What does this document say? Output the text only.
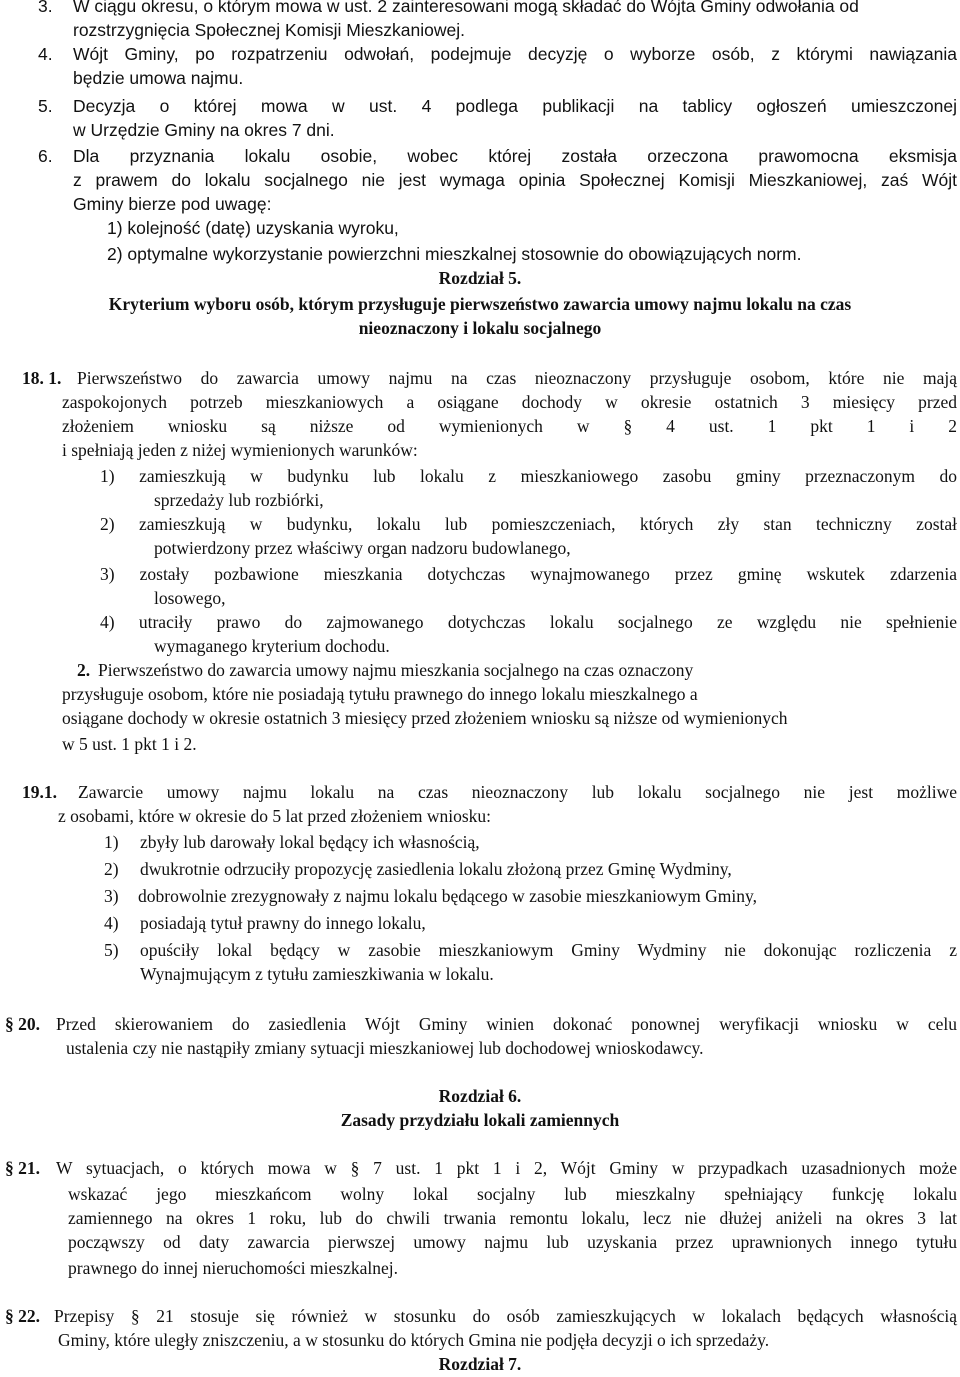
3. W ciągu okresu, o którym mowa w ust. 2 zainteresowani mogą składać do Wójta Gminy odwołania od
rozstrzygnięcia Społecznej Komisji Mieszkaniowej.
4. Wójt Gminy, po rozpatrzeniu odwołań, podejmuje decyzję o wyborze osób, z którymi nawiązania
będzie umowa najmu.
5. Decyzja o której mowa w ust. 4 podlega publikacji na tablicy ogłoszeń umieszczonej
w Urzędzie Gminy na okres 7 dni.
6. Dla przyznania lokalu osobie, wobec której została orzeczona prawomocna eksmisja
z prawem do lokalu socjalnego nie jest wymaga opinia Społecznej Komisji Mieszkaniowej, zaś Wójt
Gminy bierze pod uwagę:
1) kolejność (datę) uzyskania wyroku,
2) optymalne wykorzystanie powierzchni mieszkalnej stosownie do obowiązujących norm.
Rozdział 5.
Kryterium wyboru osób, którym przysługuje pierwszeństwo zawarcia umowy najmu lokalu na czas
nieoznaczony i lokalu socjalnego
18. 1. Pierwszeństwo do zawarcia umowy najmu na czas nieoznaczony przysługuje osobom, które nie mają
zaspokojonych potrzeb mieszkaniowych a osiągane dochody w okresie ostatnich 3 miesięcy przed
złożeniem wniosku są niższe od wymienionych w § 4 ust. 1 pkt 1 i 2
i spełniają jeden z niżej wymienionych warunków:
1) zamieszkują w budynku lub lokalu z mieszkaniowego zasobu gminy przeznaczonym do
sprzedaży lub rozbiórki,
2) zamieszkują w budynku, lokalu lub pomieszczeniach, których zły stan techniczny został
potwierdzony przez właściwy organ nadzoru budowlanego,
3) zostały pozbawione mieszkania dotychczas wynajmowanego przez gminę wskutek zdarzenia
losowego,
4) utraciły prawo do zajmowanego dotychczas lokalu socjalnego ze względu nie spełnienie
wymaganego kryterium dochodu.
2. Pierwszeństwo do zawarcia umowy najmu mieszkania socjalnego na czas oznaczony
przysługuje osobom, które nie posiadają tytułu prawnego do innego lokalu mieszkalnego a
osiągane dochody w okresie ostatnich 3 miesięcy przed złożeniem wniosku są niższe od wymienionych
w 5 ust. 1 pkt 1 i 2.
19.1. Zawarcie umowy najmu lokalu na czas nieoznaczony lub lokalu socjalnego nie jest możliwe
z osobami, które w okresie do 5 lat przed złożeniem wniosku:
1) zbyły lub darowały lokal będący ich własnością,
2) dwukrotnie odrzuciły propozycję zasiedlenia lokalu złożoną przez Gminę Wydminy,
3) dobrowolnie zrezygnowały z najmu lokalu będącego w zasobie mieszkaniowym Gminy,
4) posiadają tytuł prawny do innego lokalu,
5) opuściły lokal będący w zasobie mieszkaniowym Gminy Wydminy nie dokonując rozliczenia z
Wynajmującym z tytułu zamieszkiwania w lokalu.
§ 20. Przed skierowaniem do zasiedlenia Wójt Gminy winien dokonać ponownej weryfikacji wniosku w celu
ustalenia czy nie nastąpiły zmiany sytuacji mieszkaniowej lub dochodowej wnioskodawcy.
Rozdział 6.
Zasady przydziału lokali zamiennych
§ 21. W sytuacjach, o których mowa w § 7 ust. 1 pkt 1 i 2, Wójt Gminy w przypadkach uzasadnionych może
wskazać jego mieszkańcom wolny lokal socjalny lub mieszkalny spełniający funkcję lokalu
zamiennego na okres 1 roku, lub do chwili trwania remontu lokalu, lecz nie dłużej aniżeli na okres 3 lat
począwszy od daty zawarcia pierwszej umowy najmu lub uzyskania przez uprawnionych innego tytułu
prawnego do innej nieruchomości mieszkalnej.
§ 22. Przepisy § 21 stosuje się również w stosunku do osób zamieszkujących w lokalach będących własnością
Gminy, które uległy zniszczeniu, a w stosunku do których Gmina nie podjęła decyzji o ich sprzedaży.
Rozdział 7.
